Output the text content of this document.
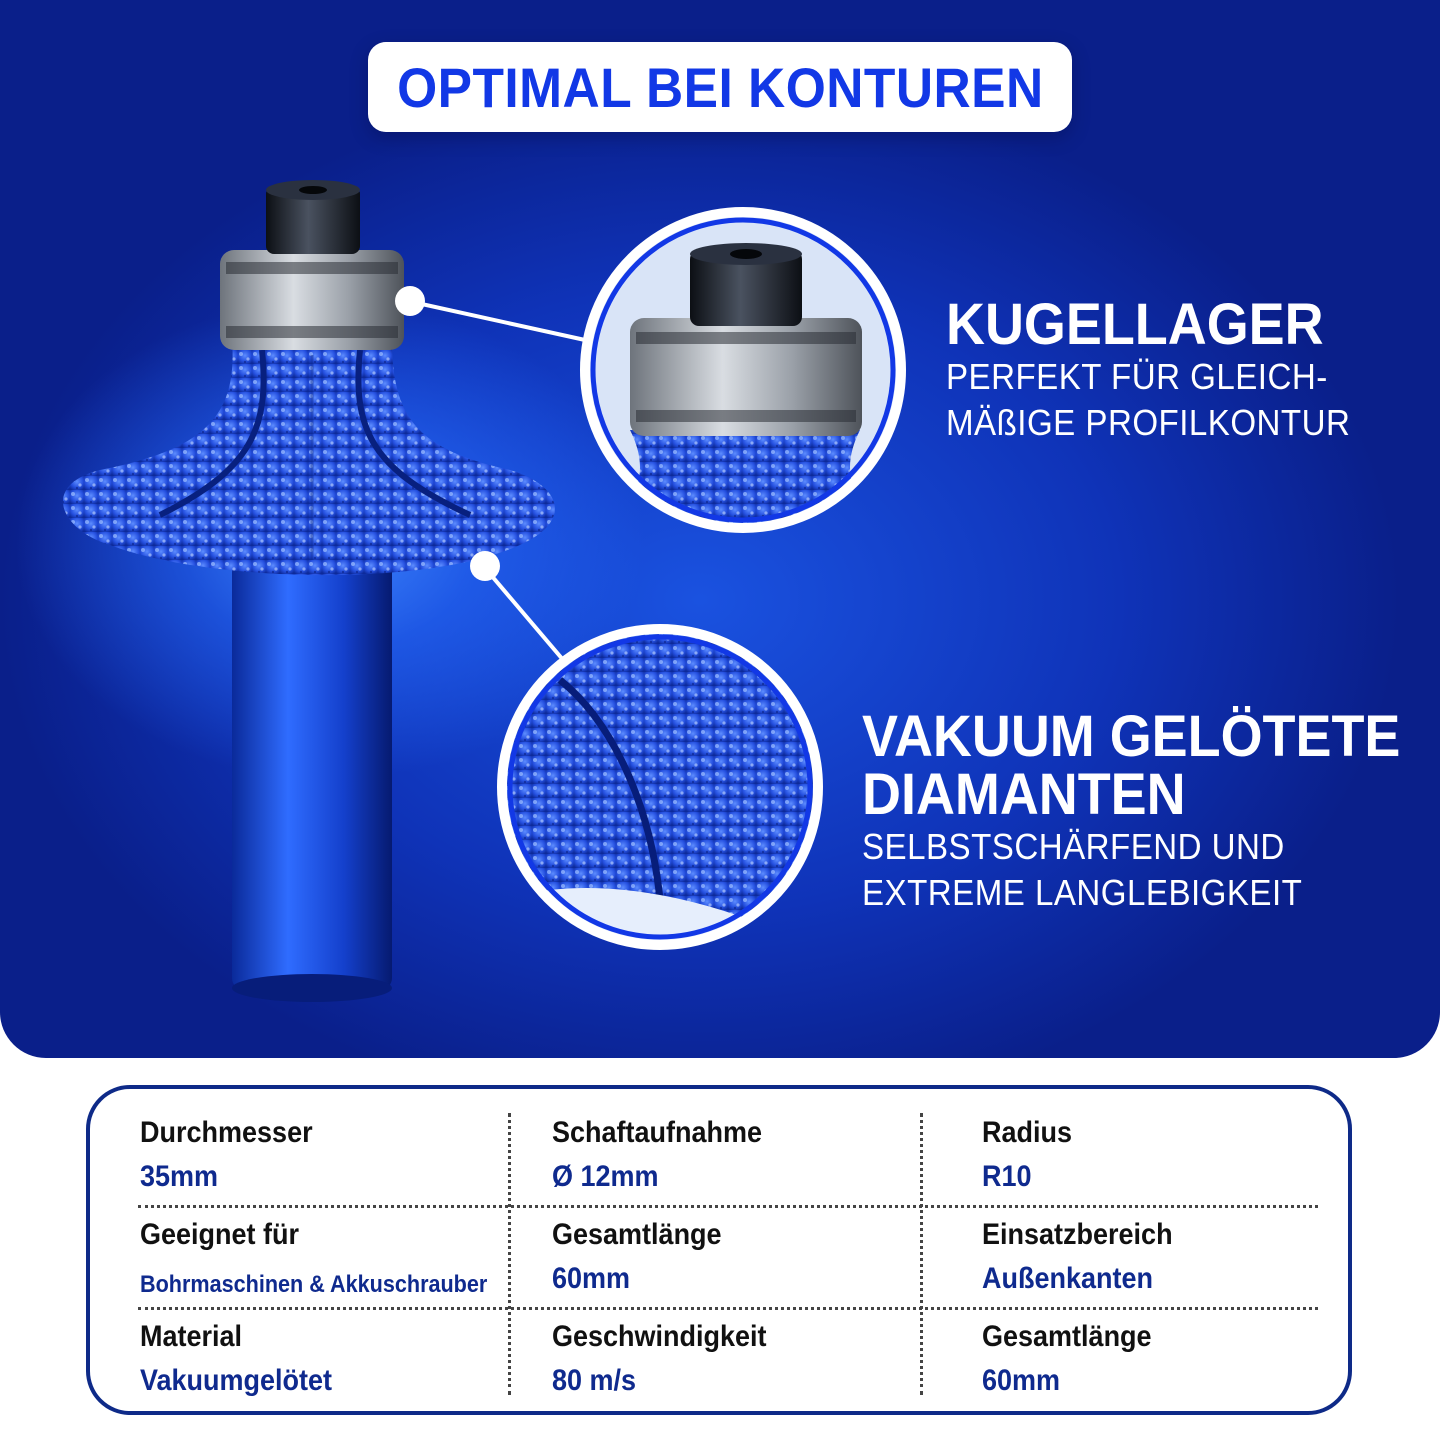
OPTIMAL BEI KONTUREN
KUGELLAGER
PERFEKT FÜR GLEICH-
MÄßIGE PROFILKONTUR
VAKUUM GELÖTETE
DIAMANTEN
SELBSTSCHÄRFEND UND
EXTREME LANGLEBIGKEIT
Durchmesser
35mm
Schaftaufnahme
Ø 12mm
Radius
R10
Geeignet für
Bohrmaschinen & Akkuschrauber
Gesamtlänge
60mm
Einsatzbereich
Außenkanten
Material
Vakuumgelötet
Geschwindigkeit
80 m/s
Gesamtlänge
60mm
